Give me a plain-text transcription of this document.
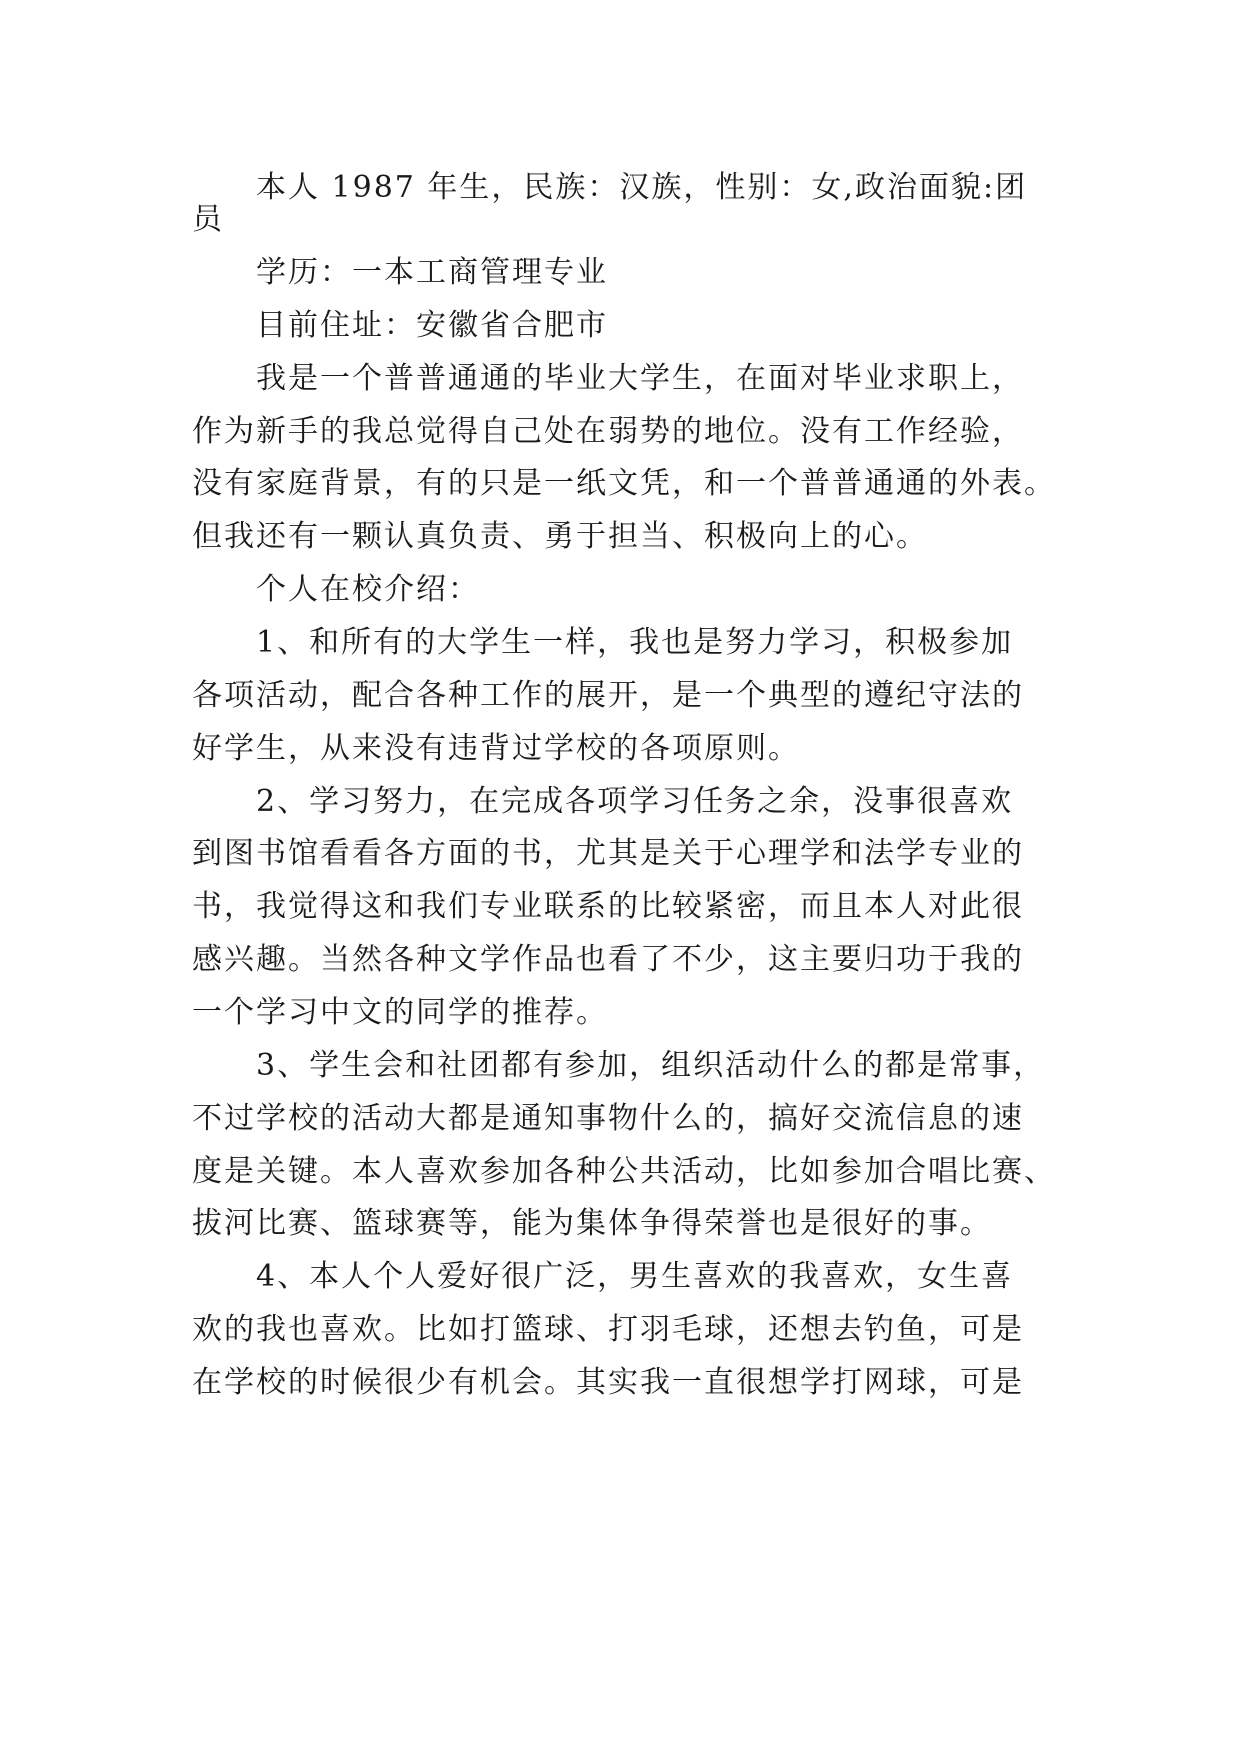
本人 1987 年生，民族：汉族，性别：女,政治面貌:团
员
学历：一本工商管理专业
目前住址：安徽省合肥市
我是一个普普通通的毕业大学生，在面对毕业求职上，
作为新手的我总觉得自己处在弱势的地位。没有工作经验，
没有家庭背景，有的只是一纸文凭，和一个普普通通的外表。
但我还有一颗认真负责、勇于担当、积极向上的心。
个人在校介绍：
1、和所有的大学生一样，我也是努力学习，积极参加
各项活动，配合各种工作的展开，是一个典型的遵纪守法的
好学生，从来没有违背过学校的各项原则。
2、学习努力，在完成各项学习任务之余，没事很喜欢
到图书馆看看各方面的书，尤其是关于心理学和法学专业的
书，我觉得这和我们专业联系的比较紧密，而且本人对此很
感兴趣。当然各种文学作品也看了不少，这主要归功于我的
一个学习中文的同学的推荐。
3、学生会和社团都有参加，组织活动什么的都是常事，
不过学校的活动大都是通知事物什么的，搞好交流信息的速
度是关键。本人喜欢参加各种公共活动，比如参加合唱比赛、
拔河比赛、篮球赛等，能为集体争得荣誉也是很好的事。
4、本人个人爱好很广泛，男生喜欢的我喜欢，女生喜
欢的我也喜欢。比如打篮球、打羽毛球，还想去钓鱼，可是
在学校的时候很少有机会。其实我一直很想学打网球，可是
